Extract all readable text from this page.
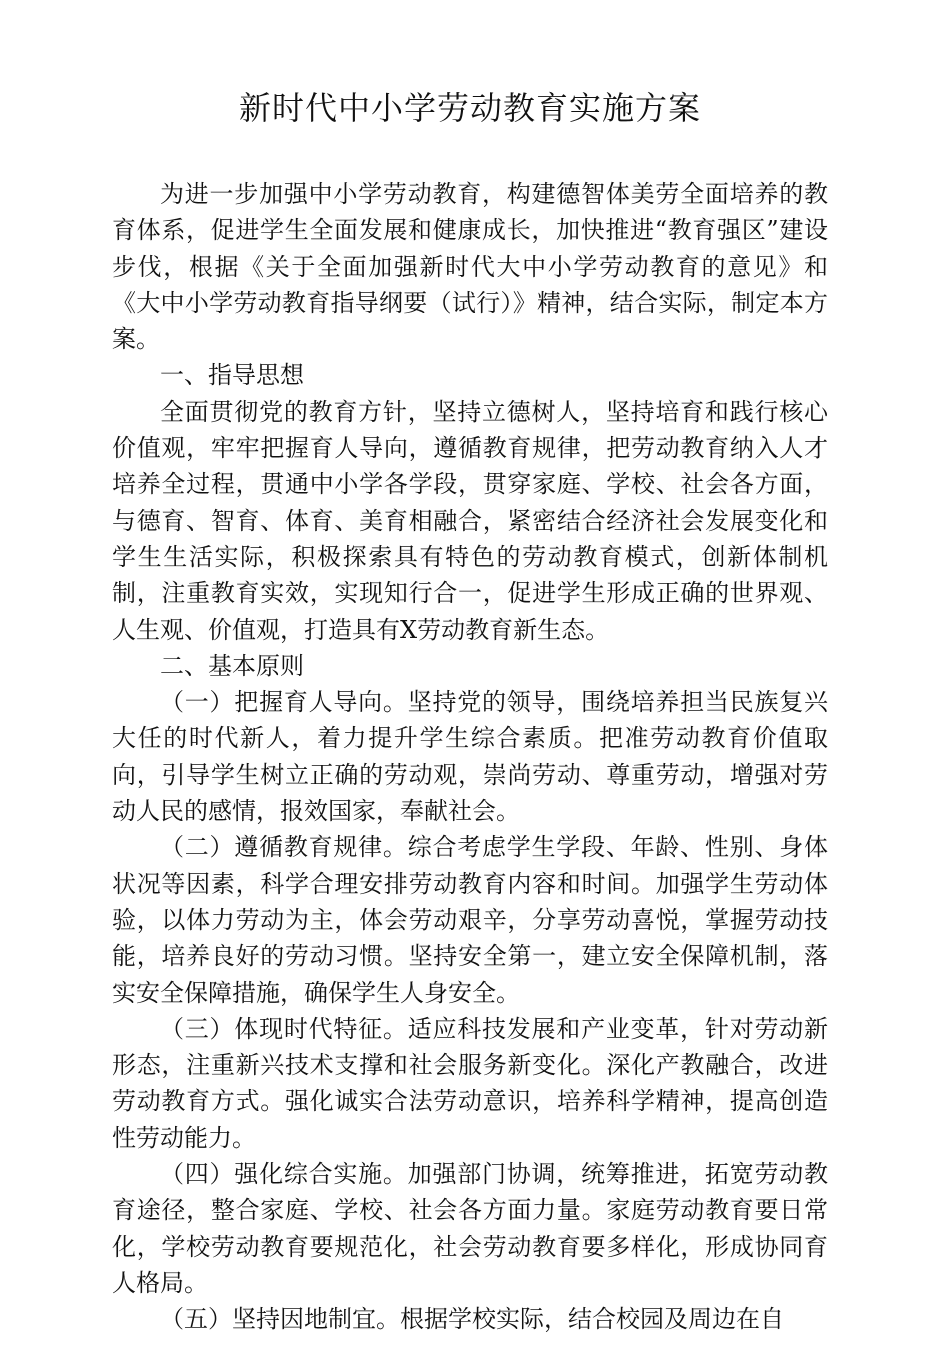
新时代中小学劳动教育实施方案

为进一步加强中小学劳动教育，构建德智体美劳全面培养的教育体系，促进学生全面发展和健康成长，加快推进“教育强区”建设步伐，根据《关于全面加强新时代大中小学劳动教育的意见》和《大中小学劳动教育指导纲要（试行）》精神，结合实际，制定本方案。

一、指导思想

全面贯彻党的教育方针，坚持立德树人，坚持培育和践行核心价值观，牢牢把握育人导向，遵循教育规律，把劳动教育纳入人才培养全过程，贯通中小学各学段，贯穿家庭、学校、社会各方面，与德育、智育、体育、美育相融合，紧密结合经济社会发展变化和学生生活实际，积极探索具有特色的劳动教育模式，创新体制机制，注重教育实效，实现知行合一，促进学生形成正确的世界观、人生观、价值观，打造具有X劳动教育新生态。

二、基本原则

（一）把握育人导向。坚持党的领导，围绕培养担当民族复兴大任的时代新人，着力提升学生综合素质。把准劳动教育价值取向，引导学生树立正确的劳动观，崇尚劳动、尊重劳动，增强对劳动人民的感情，报效国家，奉献社会。

（二）遵循教育规律。综合考虑学生学段、年龄、性别、身体状况等因素，科学合理安排劳动教育内容和时间。加强学生劳动体验，以体力劳动为主，体会劳动艰辛，分享劳动喜悦，掌握劳动技能，培养良好的劳动习惯。坚持安全第一，建立安全保障机制，落实安全保障措施，确保学生人身安全。

（三）体现时代特征。适应科技发展和产业变革，针对劳动新形态，注重新兴技术支撑和社会服务新变化。深化产教融合，改进劳动教育方式。强化诚实合法劳动意识，培养科学精神，提高创造性劳动能力。

（四）强化综合实施。加强部门协调，统筹推进，拓宽劳动教育途径，整合家庭、学校、社会各方面力量。家庭劳动教育要日常化，学校劳动教育要规范化，社会劳动教育要多样化，形成协同育人格局。

（五）坚持因地制宜。根据学校实际，结合校园及周边在自
